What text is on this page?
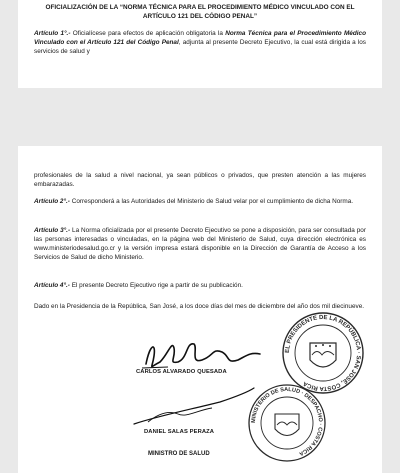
OFICIALIZACIÓN DE LA “NORMA TÉCNICA PARA EL PROCEDIMIENTO MÉDICO VINCULADO CON EL ARTÍCULO 121 DEL CÓDIGO PENAL”
Artículo 1°.- Oficialícese para efectos de aplicación obligatoria la Norma Técnica para el Procedimiento Médico Vinculado con el Artículo 121 del Código Penal, adjunta al presente Decreto Ejecutivo, la cual está dirigida a los servicios de salud y
profesionales de la salud a nivel nacional, ya sean públicos o privados, que presten atención a las mujeres embarazadas.
Artículo 2°.- Corresponderá a las Autoridades del Ministerio de Salud velar por el cumplimiento de dicha Norma.
Artículo 3°.- La Norma oficializada por el presente Decreto Ejecutivo se pone a disposición, para ser consultada por las personas interesadas o vinculadas, en la página web del Ministerio de Salud, cuya dirección electrónica es www.ministeriodesalud.go.cr y la versión impresa estará disponible en la Dirección de Garantía de Acceso a los Servicios de Salud de dicho Ministerio.
Artículo 4°.- El presente Decreto Ejecutivo rige a partir de su publicación.
Dado en la Presidencia de la República, San José, a los doce días del mes de diciembre del año dos mil diecinueve.
CARLOS ALVARADO QUESADA
EL PRESIDENTE DE LA REPÚBLICA · SAN JOSÉ, COSTA RICA
DANIEL SALAS PERAZA
MINISTRO DE SALUD
MINISTERIO DE SALUD · DESPACHO · COSTA RICA
